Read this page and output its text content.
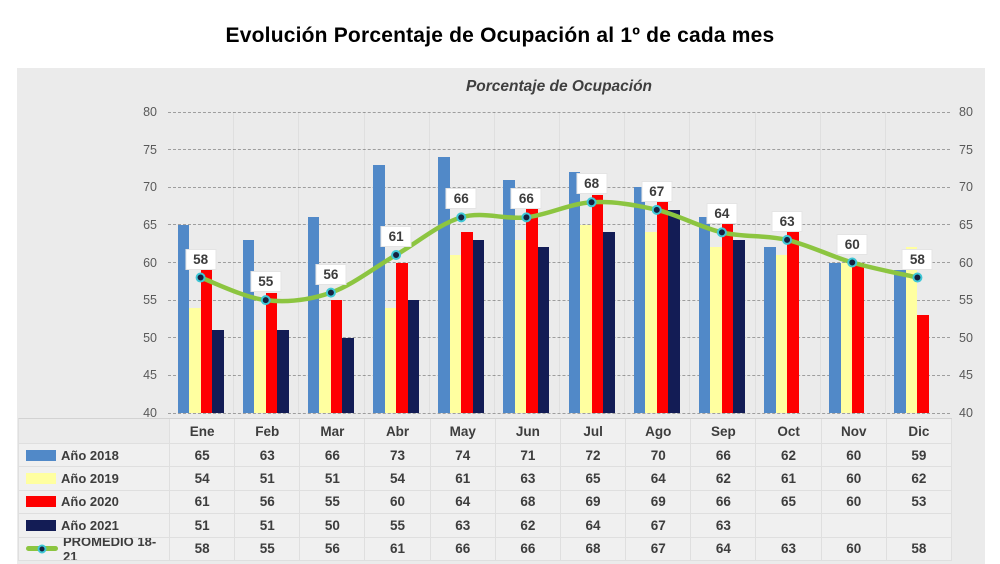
Evolución Porcentaje de Ocupación al 1º de cada mes
Porcentaje de Ocupación
58
55
56
61
66	66
68
67
64
63
60
58
Ene	Feb	Mar	Abr	May	Jun	Jul	Ago	Sep	Oct	Nov	Dic
Año 2018	65	63	66	73	74	71	72	70	66	62	60	59
Año 2019	54	51	51	54	61	63	65	64	62	61	60	62
Año 2020	61	56	55	60	64	68	69	69	66	65	60	53
Año 2021	51	51	50	55	63	62	64	67	63
PROMEDIO 18-21
58	55	56	61	66	66	68	67	64	63	60	58
40	40
45	45
50	50
55	55
60	60
65	65
70	70
75	75
80	80
